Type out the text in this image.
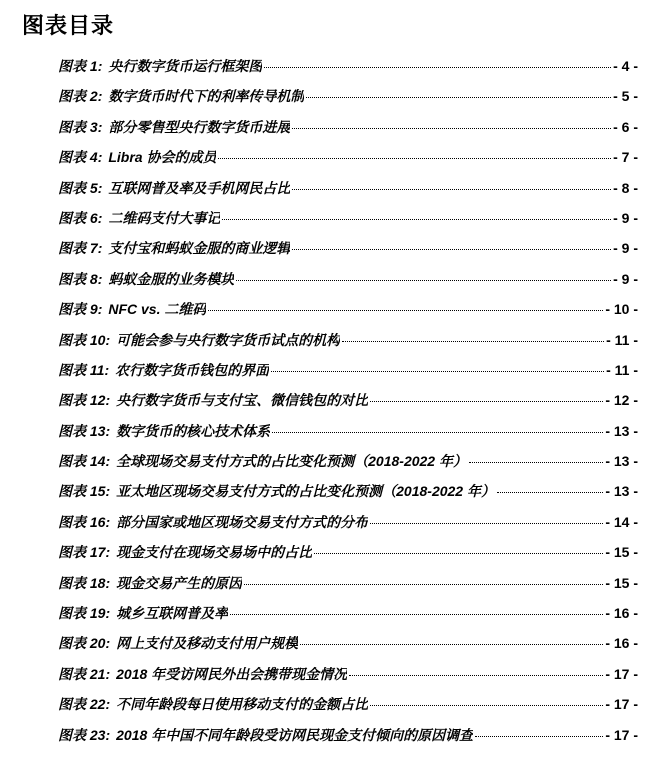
图表目录
图表 1 : 央行数字货币运行框架图	- 4 -
图表 2 : 数字货币时代下的利率传导机制	- 5 -
图表 3 : 部分零售型央行数字货币进展	- 6 -
图表 4 : Libra 协会的成员	- 7 -
图表 5 : 互联网普及率及手机网民占比	- 8 -
图表 6 : 二维码支付大事记	- 9 -
图表 7 : 支付宝和蚂蚁金服的商业逻辑	- 9 -
图表 8 : 蚂蚁金服的业务模块	- 9 -
图表 9 : NFC vs. 二维码	- 10 -
图表 10 : 可能会参与央行数字货币试点的机构	- 11 -
图表 11 : 农行数字货币钱包的界面	- 11 -
图表 12 : 央行数字货币与支付宝、微信钱包的对比	- 12 -
图表 13 : 数字货币的核心技术体系	- 13 -
图表 14 : 全球现场交易支付方式的占比变化预测（2018-2022 年）	- 13 -
图表 15 : 亚太地区现场交易支付方式的占比变化预测（2018-2022 年）	- 13 -
图表 16 : 部分国家或地区现场交易支付方式的分布	- 14 -
图表 17 : 现金支付在现场交易场中的占比	- 15 -
图表 18 : 现金交易产生的原因	- 15 -
图表 19 : 城乡互联网普及率	- 16 -
图表 20 : 网上支付及移动支付用户规模	- 16 -
图表 21 : 2018 年受访网民外出会携带现金情况	- 17 -
图表 22 : 不同年龄段每日使用移动支付的金额占比	- 17 -
图表 23 : 2018 年中国不同年龄段受访网民现金支付倾向的原因调查	- 17 -
